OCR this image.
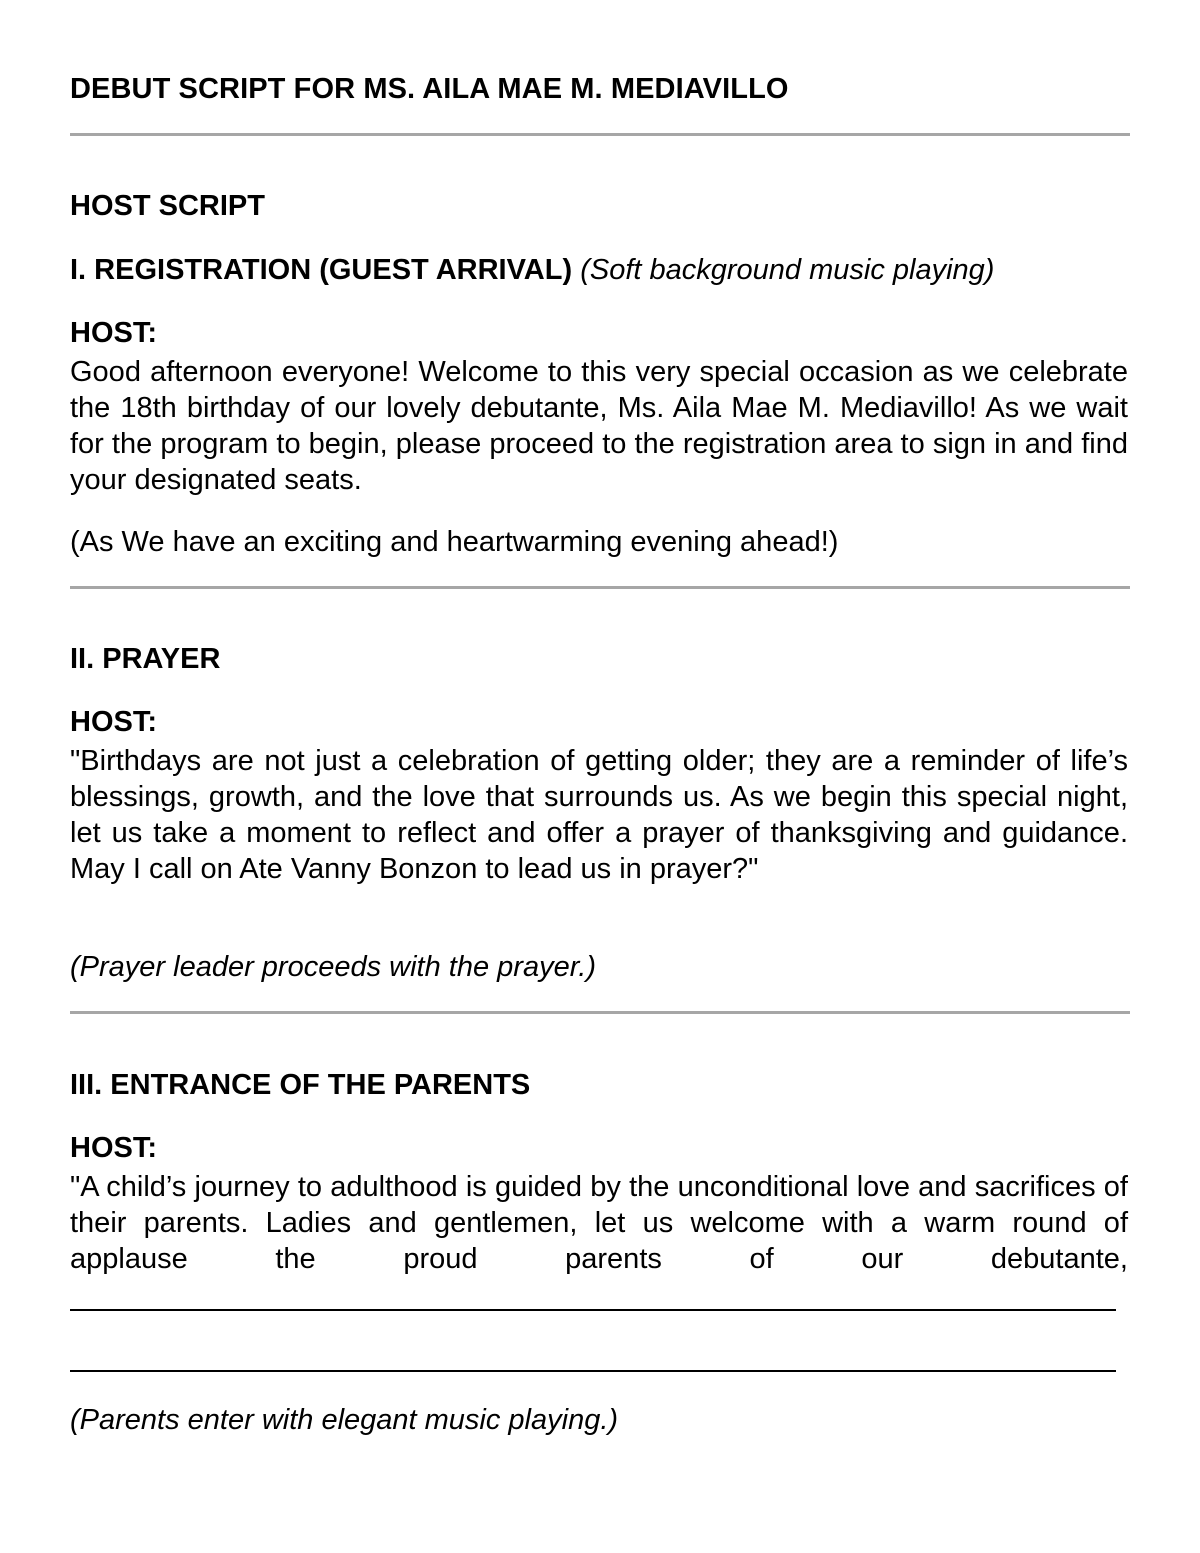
DEBUT SCRIPT FOR MS. AILA MAE M. MEDIAVILLO
HOST SCRIPT
I. REGISTRATION (GUEST ARRIVAL) (Soft background music playing)
HOST:
Good afternoon everyone! Welcome to this very special occasion as we celebrate the 18th birthday of our lovely debutante, Ms. Aila Mae M. Mediavillo! As we wait for the program to begin, please proceed to the registration area to sign in and find your designated seats.
(As We have an exciting and heartwarming evening ahead!)
II. PRAYER
HOST:
"Birthdays are not just a celebration of getting older; they are a reminder of life’s blessings, growth, and the love that surrounds us. As we begin this special night, let us take a moment to reflect and offer a prayer of thanksgiving and guidance. May I call on Ate Vanny Bonzon to lead us in prayer?"
(Prayer leader proceeds with the prayer.)
III. ENTRANCE OF THE PARENTS
HOST:
"A child’s journey to adulthood is guided by the unconditional love and sacrifices of their parents. Ladies and gentlemen, let us welcome with a warm round of applause the proud parents of our debutante,
(Parents enter with elegant music playing.)
